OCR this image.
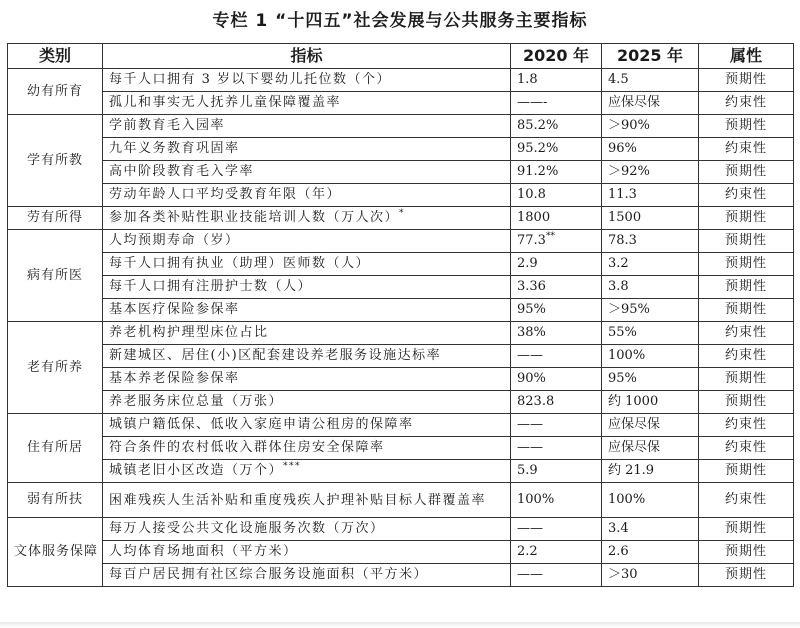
专栏 1 “十四五”社会发展与公共服务主要指标
类别	指标	2020 年	2025 年	属性
幼有所育	每千人口拥有 3 岁以下婴幼儿托位数（个）	1.8	4.5	预期性
	孤儿和事实无人抚养儿童保障覆盖率	——-	应保尽保	约束性
学有所教	学前教育毛入园率	85.2%	＞90%	预期性
	九年义务教育巩固率	95.2%	96%	约束性
	高中阶段教育毛入学率	91.2%	＞92%	预期性
	劳动年龄人口平均受教育年限（年）	10.8	11.3	约束性
劳有所得	参加各类补贴性职业技能培训人数（万人次）*	1800	1500	预期性
病有所医	人均预期寿命（岁）	77.3**	78.3	预期性
	每千人口拥有执业（助理）医师数（人）	2.9	3.2	预期性
	每千人口拥有注册护士数（人）	3.36	3.8	预期性
	基本医疗保险参保率	95%	＞95%	预期性
老有所养	养老机构护理型床位占比	38%	55%	约束性
	新建城区、居住(小)区配套建设养老服务设施达标率	——	100%	约束性
	基本养老保险参保率	90%	95%	预期性
	养老服务床位总量（万张）	823.8	约 1000	预期性
住有所居	城镇户籍低保、低收入家庭申请公租房的保障率	——	应保尽保	约束性
	符合条件的农村低收入群体住房安全保障率	——	应保尽保	约束性
	城镇老旧小区改造（万个）***	5.9	约 21.9	预期性
弱有所扶	困难残疾人生活补贴和重度残疾人护理补贴目标人群覆盖率	100%	100%	约束性
文体服务保障	每万人接受公共文化设施服务次数（万次）	——	3.4	预期性
	人均体育场地面积（平方米）	2.2	2.6	预期性
	每百户居民拥有社区综合服务设施面积（平方米）	——	＞30	预期性
